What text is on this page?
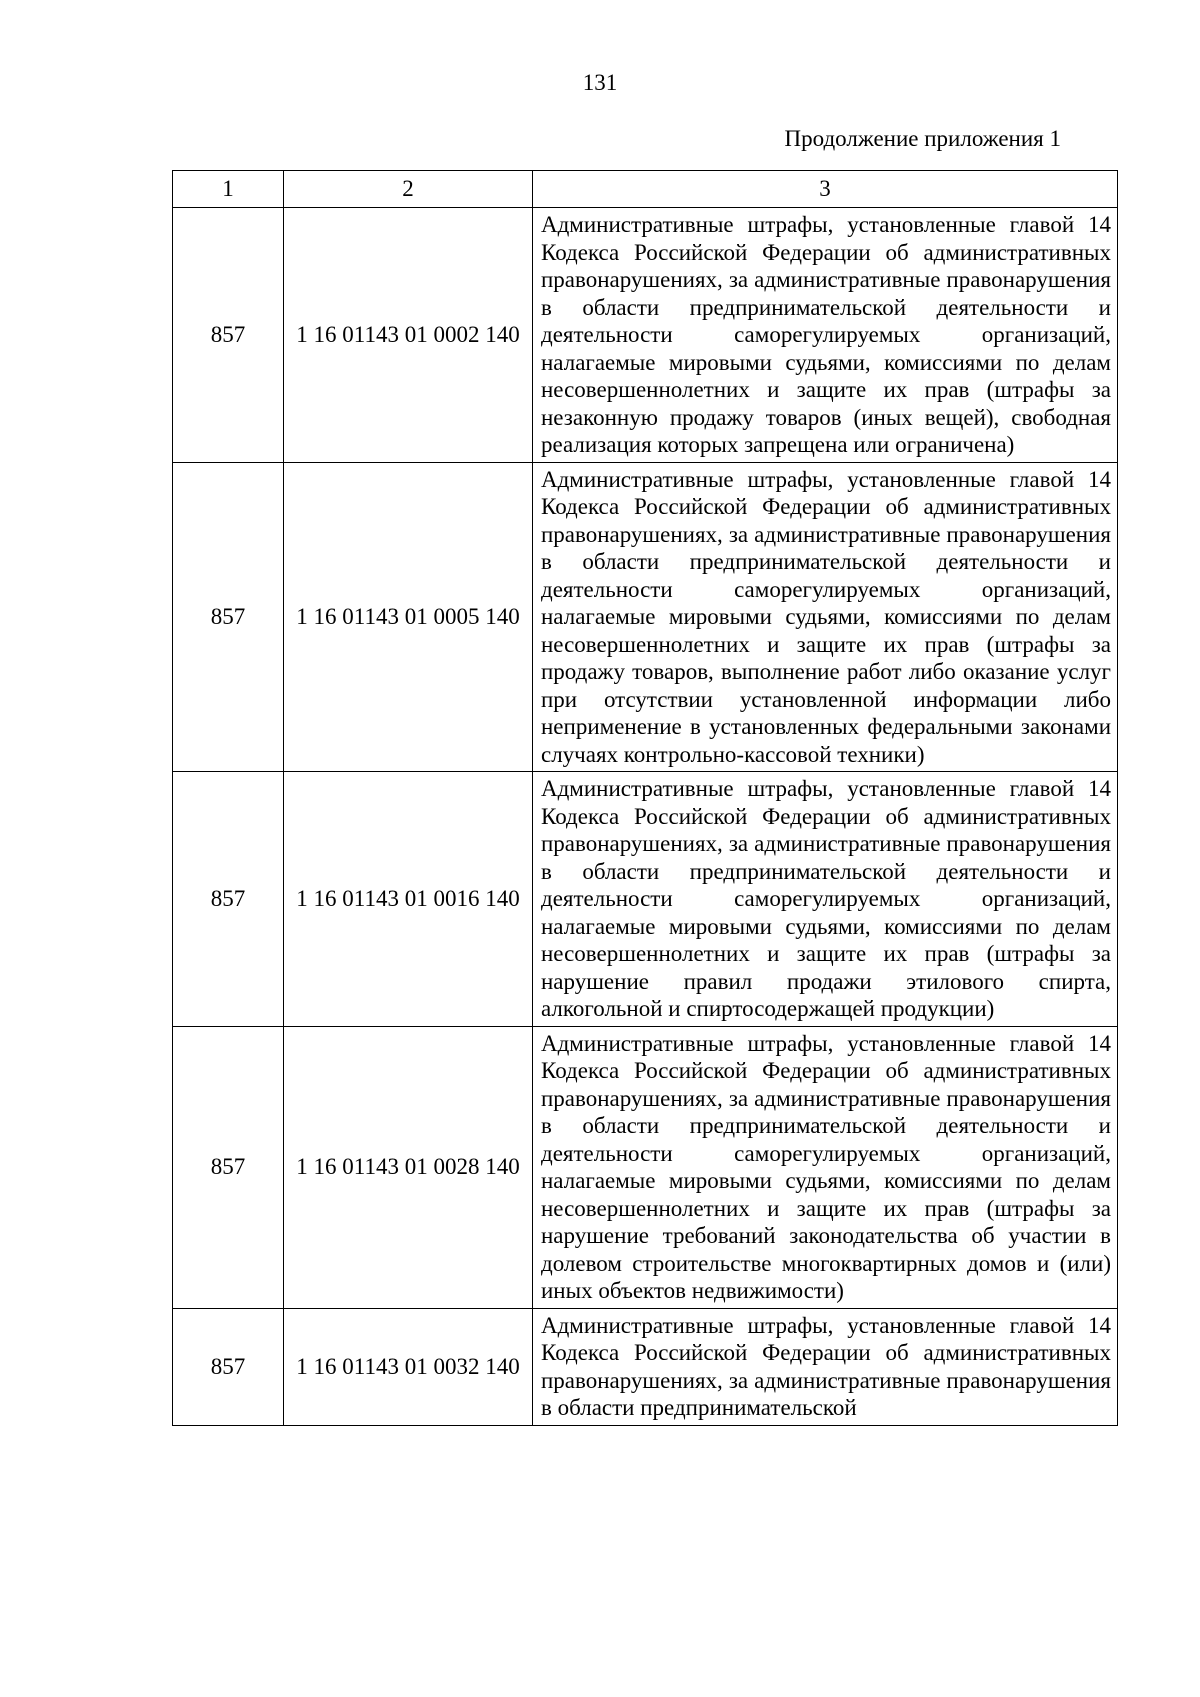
131
Продолжение приложения 1
1	2	3
857	1 16 01143 01 0002 140	Административные штрафы, установленные главой 14 Кодекса Российской Федерации об административных правонарушениях, за административные правонарушения в области предпринимательской деятельности и деятельности саморегулируемых организаций, налагаемые мировыми судьями, комиссиями по делам несовершеннолетних и защите их прав (штрафы за незаконную продажу товаров (иных вещей), свободная реализация которых запрещена или ограничена)
857	1 16 01143 01 0005 140	Административные штрафы, установленные главой 14 Кодекса Российской Федерации об административных правонарушениях, за административные правонарушения в области предпринимательской деятельности и деятельности саморегулируемых организаций, налагаемые мировыми судьями, комиссиями по делам несовершеннолетних и защите их прав (штрафы за продажу товаров, выполнение работ либо оказание услуг при отсутствии установленной информации либо неприменение в установленных федеральными законами случаях контрольно-кассовой техники)
857	1 16 01143 01 0016 140	Административные штрафы, установленные главой 14 Кодекса Российской Федерации об административных правонарушениях, за административные правонарушения в области предпринимательской деятельности и деятельности саморегулируемых организаций, налагаемые мировыми судьями, комиссиями по делам несовершеннолетних и защите их прав (штрафы за нарушение правил продажи этилового спирта, алкогольной и спиртосодержащей продукции)
857	1 16 01143 01 0028 140	Административные штрафы, установленные главой 14 Кодекса Российской Федерации об административных правонарушениях, за административные правонарушения в области предпринимательской деятельности и деятельности саморегулируемых организаций, налагаемые мировыми судьями, комиссиями по делам несовершеннолетних и защите их прав (штрафы за нарушение требований законодательства об участии в долевом строительстве многоквартирных домов и (или) иных объектов недвижимости)
857	1 16 01143 01 0032 140	Административные штрафы, установленные главой 14 Кодекса Российской Федерации об административных правонарушениях, за административные правонарушения в области предпринимательской
